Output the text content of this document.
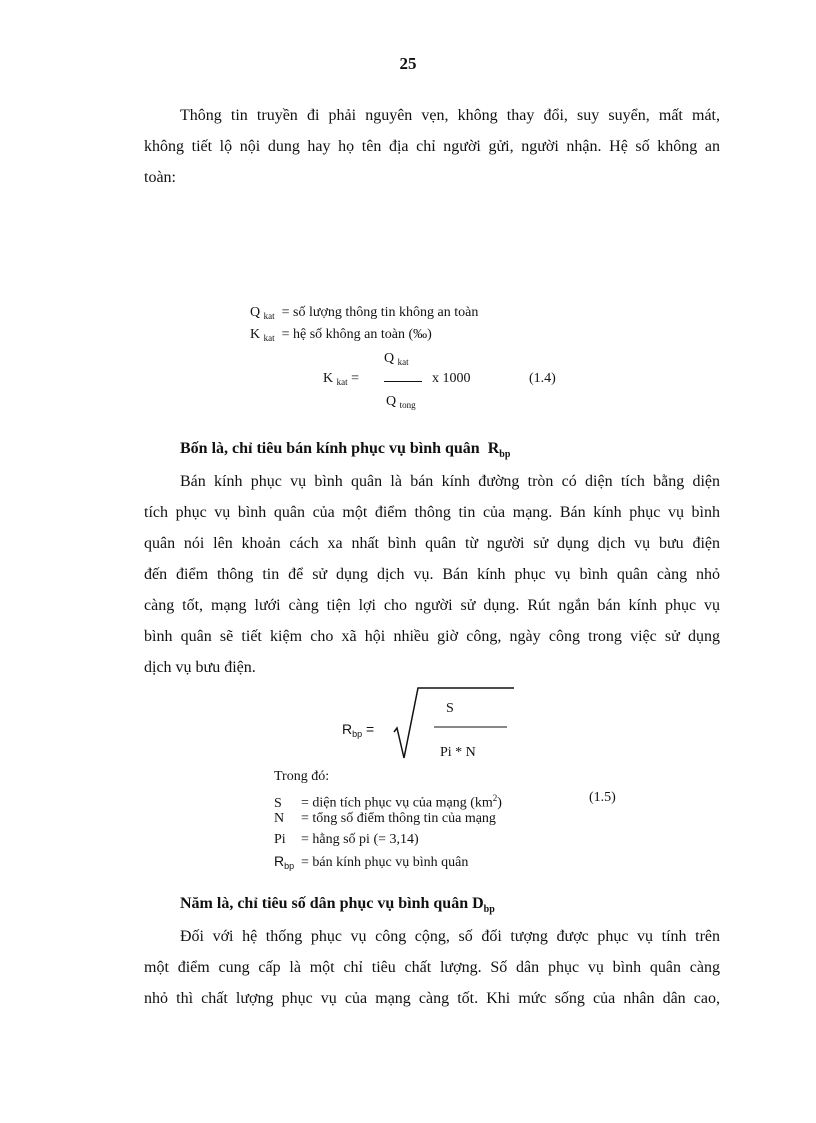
25
Thông tin truyền đi phải nguyên vẹn, không thay đổi, suy suyển, mất mát,
không tiết lộ nội dung hay họ tên địa chỉ người gửi, người nhận. Hệ số không an
toàn:
Q $_{kat}$ = số lượng thông tin không an toàn
K $_{kat}$ = hệ số không an toàn (‰)
Q $_{kat}$
K $_{kat}$ =	x 1000	(1.4)
Q $_{tong}$
Bốn là, chỉ tiêu bán kính phục vụ bình quân $R_{bp}$
Bán kính phục vụ bình quân là bán kính đường tròn có diện tích bằng diện
tích phục vụ bình quân của một điểm thông tin của mạng. Bán kính phục vụ bình
quân nói lên khoản cách xa nhất bình quân từ người sử dụng dịch vụ bưu điện
đến điểm thông tin để sử dụng dịch vụ. Bán kính phục vụ bình quân càng nhỏ
càng tốt, mạng lưới càng tiện lợi cho người sử dụng. Rút ngắn bán kính phục vụ
bình quân sẽ tiết kiệm cho xã hội nhiều giờ công, ngày công trong việc sử dụng
dịch vụ bưu điện.
$R_{bp}$ =
S
Pi * N
Trong đó:
S = diện tích phục vụ của mạng $(km^2)$	(1.5)
N = tổng số điểm thông tin của mạng
Pi = hằng số pi (= 3,14)
$R_{bp}$ = bán kính phục vụ bình quân
Năm là, chỉ tiêu số dân phục vụ bình quân $D_{bp}$
Đối với hệ thống phục vụ công cộng, số đối tượng được phục vụ tính trên
một điểm cung cấp là một chỉ tiêu chất lượng. Số dân phục vụ bình quân càng
nhỏ thì chất lượng phục vụ của mạng càng tốt. Khi mức sống của nhân dân cao,
